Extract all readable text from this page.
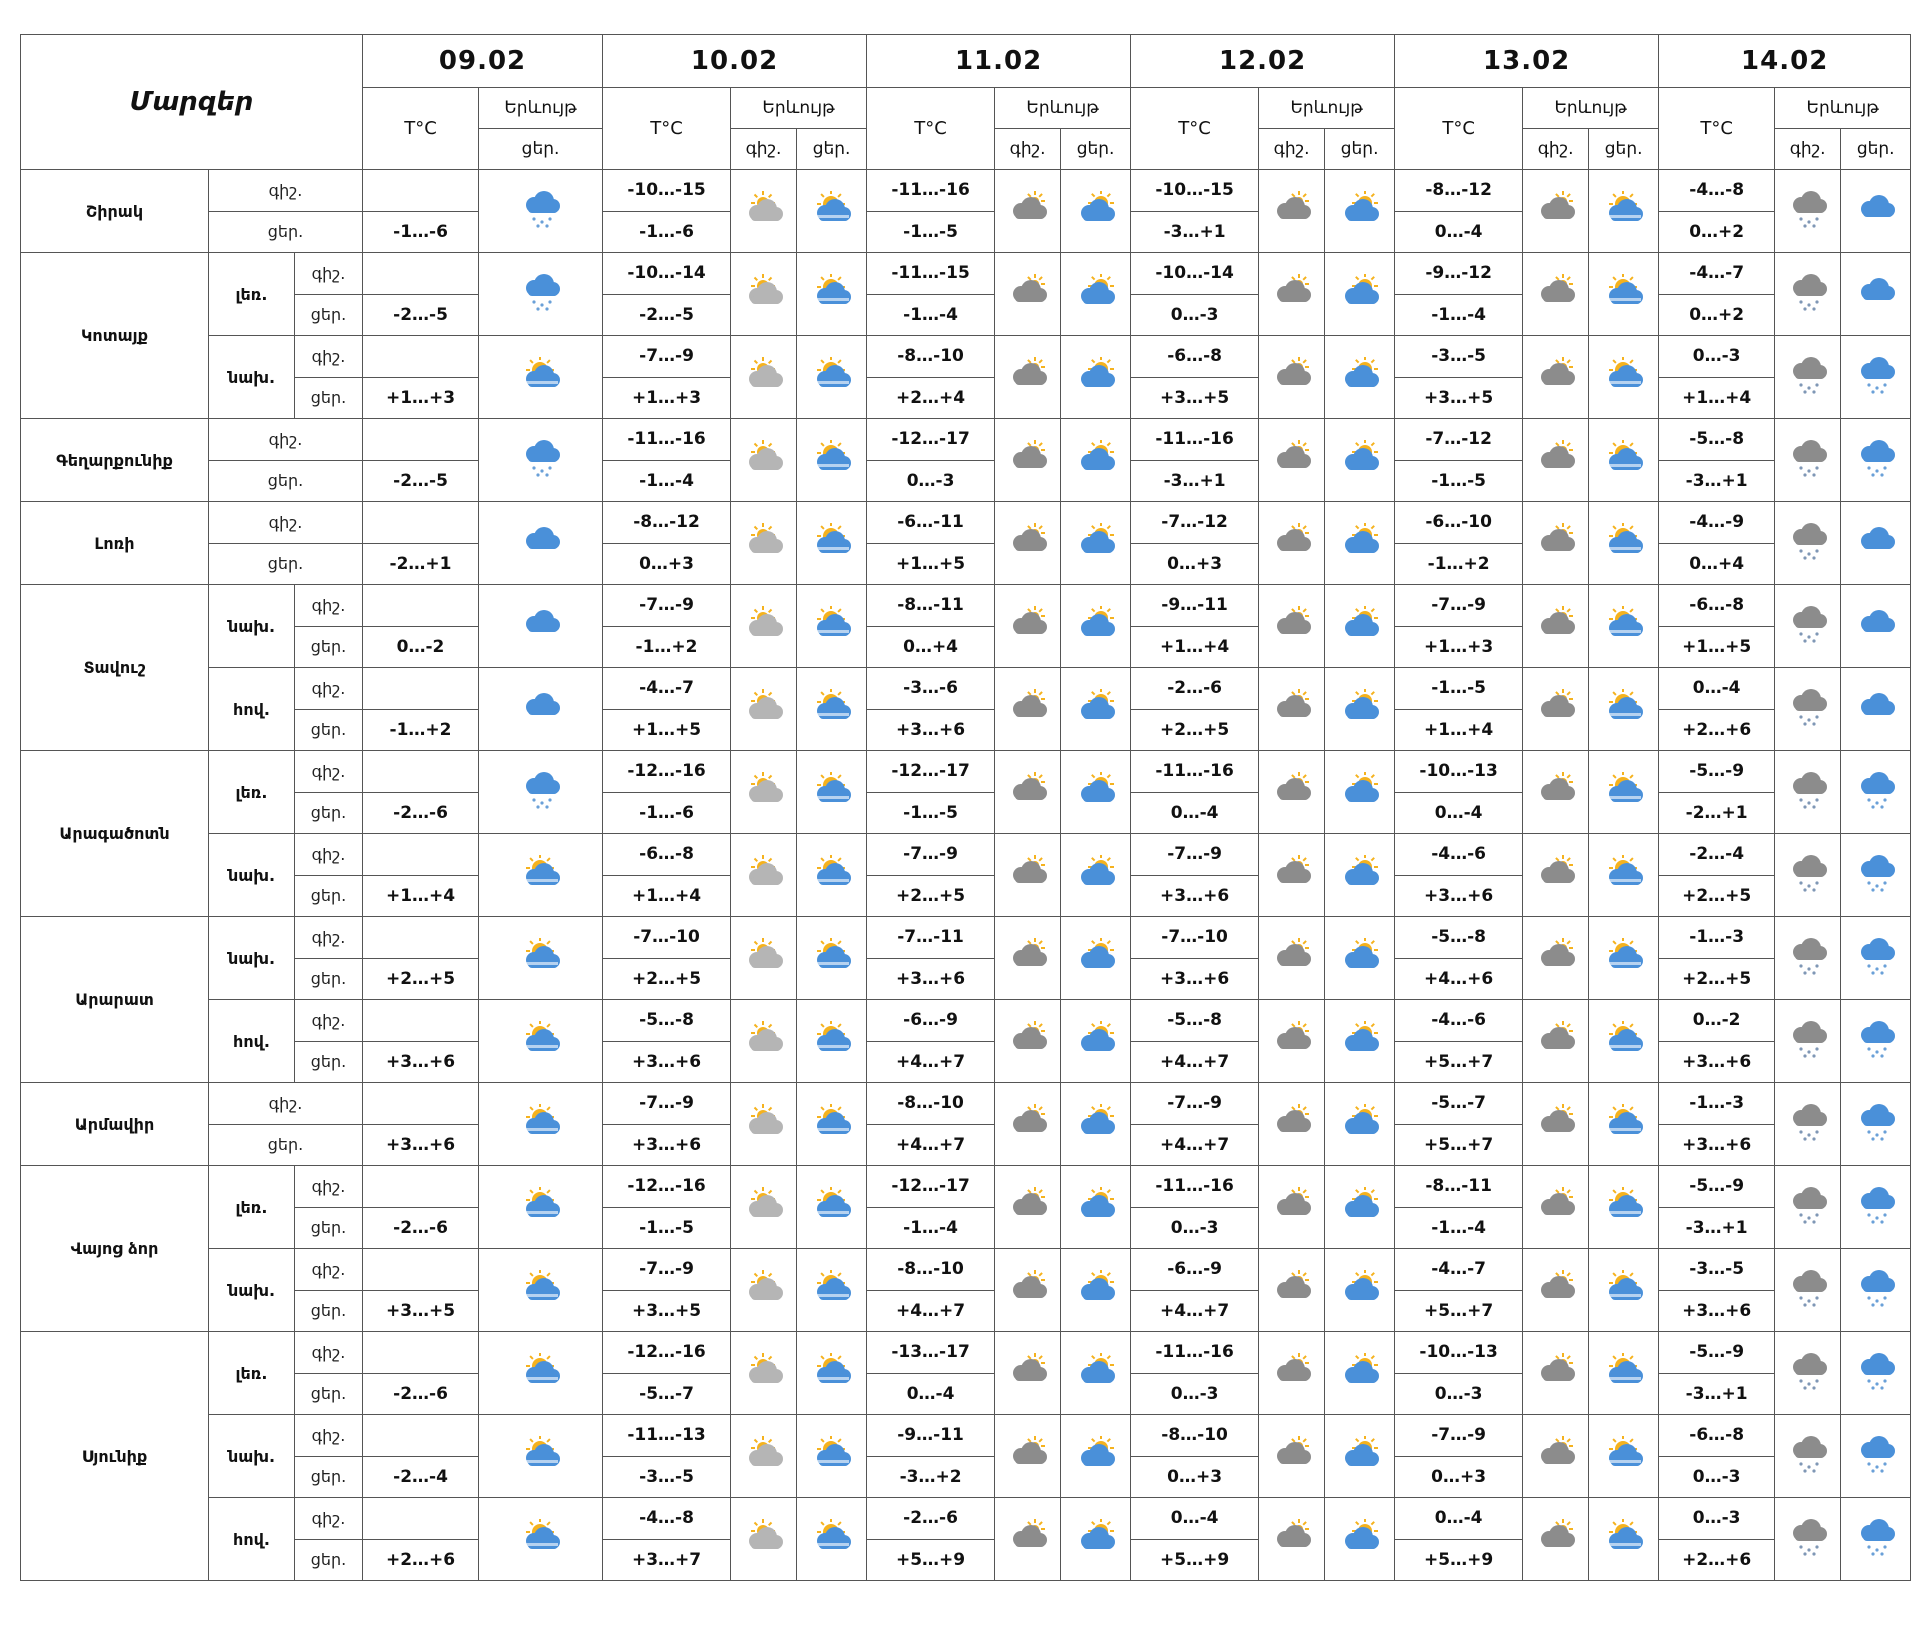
Մարզեր			09.02		10.02			11.02			12.02			13.02			14.02		
			T°C	Երևույթ	T°C	Երևույթ		T°C	Երևույթ		T°C	Երևույթ		T°C	Երևույթ		T°C	Երևույթ	
				ցեր.		գիշ.	ցեր.		գիշ.	ցեր.		գիշ.	ցեր.		գիշ.	ցեր.		գիշ.	ցեր.
Շիրակ	գիշ.				-10…-15			-11…-16			-10…-15			-8…-12			-4…-8	

	ցեր.		-1…-6		-1…-6			-1…-5			-3…+1			0…-4			0…+2		
Կոտայք	լեռ.	գիշ.			-10…-14			-11…-15			-10…-14			-9…-12			-4…-7	

		ցեր.	-2…-5		-2…-5			-1…-4			0…-3			-1…-4			0…+2		
	նախ.	գիշ.			-7…-9			-8…-10			-6…-8			-3…-5			0…-3	

		ցեր.	+1…+3		+1…+3			+2…+4			+3…+5			+3…+5			+1…+4		
Գեղարքունիք	գիշ.				-11…-16			-12…-17			-11…-16			-7…-12			-5…-8	

	ցեր.		-2…-5		-1…-4			0…-3			-3…+1			-1…-5			-3…+1		
Լոռի	գիշ.				-8…-12			-6…-11			-7…-12			-6…-10			-4…-9	

	ցեր.		-2…+1		0…+3			+1…+5			0…+3			-1…+2			0…+4		
Տավուշ	նախ.	գիշ.			-7…-9			-8…-11			-9…-11			-7…-9			-6…-8	

		ցեր.	0…-2		-1…+2			0…+4			+1…+4			+1…+3			+1…+5		
	հով.	գիշ.			-4…-7			-3…-6			-2…-6			-1…-5			0…-4	

		ցեր.	-1…+2		+1…+5			+3…+6			+2…+5			+1…+4			+2…+6		
Արագածոտն	լեռ.	գիշ.			-12…-16			-12…-17			-11…-16			-10…-13			-5…-9	

		ցեր.	-2…-6		-1…-6			-1…-5			0…-4			0…-4			-2…+1		
	նախ.	գիշ.			-6…-8			-7…-9			-7…-9			-4…-6			-2…-4	

		ցեր.	+1…+4		+1…+4			+2…+5			+3…+6			+3…+6			+2…+5		
Արարատ	նախ.	գիշ.			-7…-10			-7…-11			-7…-10			-5…-8			-1…-3	

		ցեր.	+2…+5		+2…+5			+3…+6			+3…+6			+4…+6			+2…+5		
	հով.	գիշ.			-5…-8			-6…-9			-5…-8			-4…-6			0…-2	

		ցեր.	+3…+6		+3…+6			+4…+7			+4…+7			+5…+7			+3…+6		
Արմավիր	գիշ.				-7…-9			-8…-10			-7…-9			-5…-7			-1…-3	

	ցեր.		+3…+6		+3…+6			+4…+7			+4…+7			+5…+7			+3…+6		
Վայոց ձոր	լեռ.	գիշ.			-12…-16			-12…-17			-11…-16			-8…-11			-5…-9	

		ցեր.	-2…-6		-1…-5			-1…-4			0…-3			-1…-4			-3…+1		
	նախ.	գիշ.			-7…-9			-8…-10			-6…-9			-4…-7			-3…-5	

		ցեր.	+3…+5		+3…+5			+4…+7			+4…+7			+5…+7			+3…+6		
Սյունիք	լեռ.	գիշ.			-12…-16			-13…-17			-11…-16			-10…-13			-5…-9	

		ցեր.	-2…-6		-5…-7			0…-4			0…-3			0…-3			-3…+1		
	նախ.	գիշ.			-11…-13			-9…-11			-8…-10			-7…-9			-6…-8	

		ցեր.	-2…-4		-3…-5			-3…+2			0…+3			0…+3			0…-3		
	հով.	գիշ.			-4…-8			-2…-6			0…-4			0…-4			0…-3	

		ցեր.	+2…+6		+3…+7			+5…+9			+5…+9			+5…+9			+2…+6		
